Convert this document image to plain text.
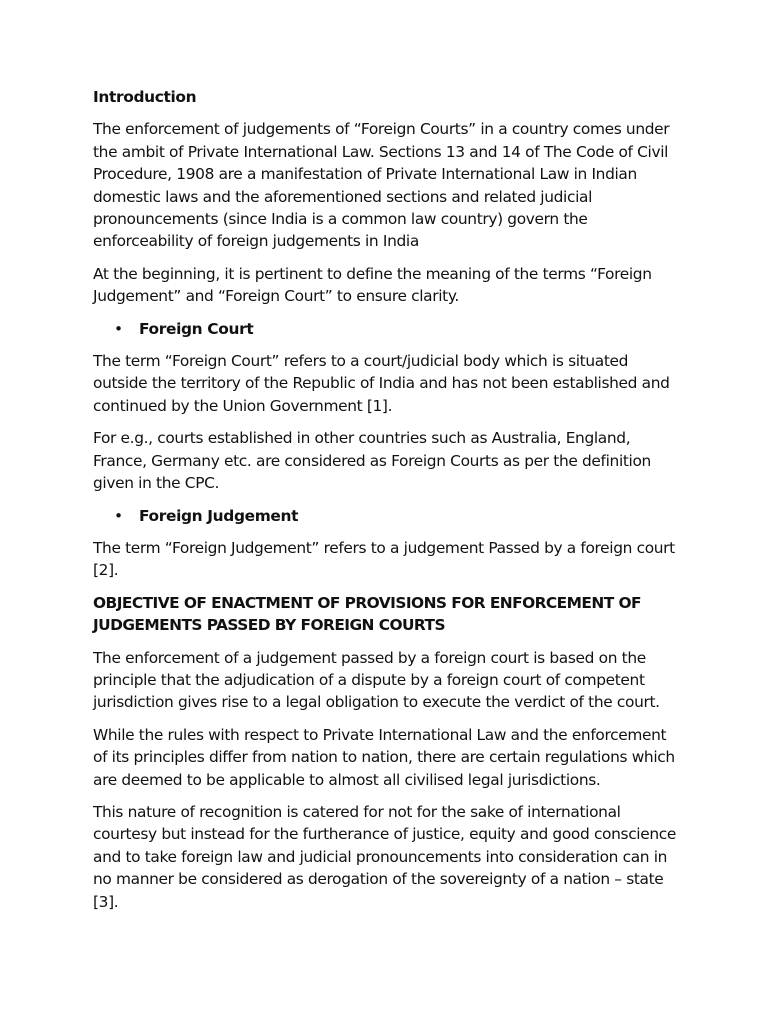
Introduction
The enforcement of judgements of “Foreign Courts” in a country comes under the ambit of Private International Law. Sections 13 and 14 of The Code of Civil Procedure, 1908 are a manifestation of Private International Law in Indian domestic laws and the aforementioned sections and related judicial pronouncements (since India is a common law country) govern the enforceability of foreign judgements in India
At the beginning, it is pertinent to define the meaning of the terms “Foreign Judgement” and “Foreign Court” to ensure clarity.
• Foreign Court
The term “Foreign Court” refers to a court/judicial body which is situated outside the territory of the Republic of India and has not been established and continued by the Union Government [1].
For e.g., courts established in other countries such as Australia, England, France, Germany etc. are considered as Foreign Courts as per the definition given in the CPC.
• Foreign Judgement
The term “Foreign Judgement” refers to a judgement Passed by a foreign court [2].
OBJECTIVE OF ENACTMENT OF PROVISIONS FOR ENFORCEMENT OF JUDGEMENTS PASSED BY FOREIGN COURTS
The enforcement of a judgement passed by a foreign court is based on the principle that the adjudication of a dispute by a foreign court of competent jurisdiction gives rise to a legal obligation to execute the verdict of the court.
While the rules with respect to Private International Law and the enforcement of its principles differ from nation to nation, there are certain regulations which are deemed to be applicable to almost all civilised legal jurisdictions.
This nature of recognition is catered for not for the sake of international courtesy but instead for the furtherance of justice, equity and good conscience and to take foreign law and judicial pronouncements into consideration can in no manner be considered as derogation of the sovereignty of a nation – state [3].
